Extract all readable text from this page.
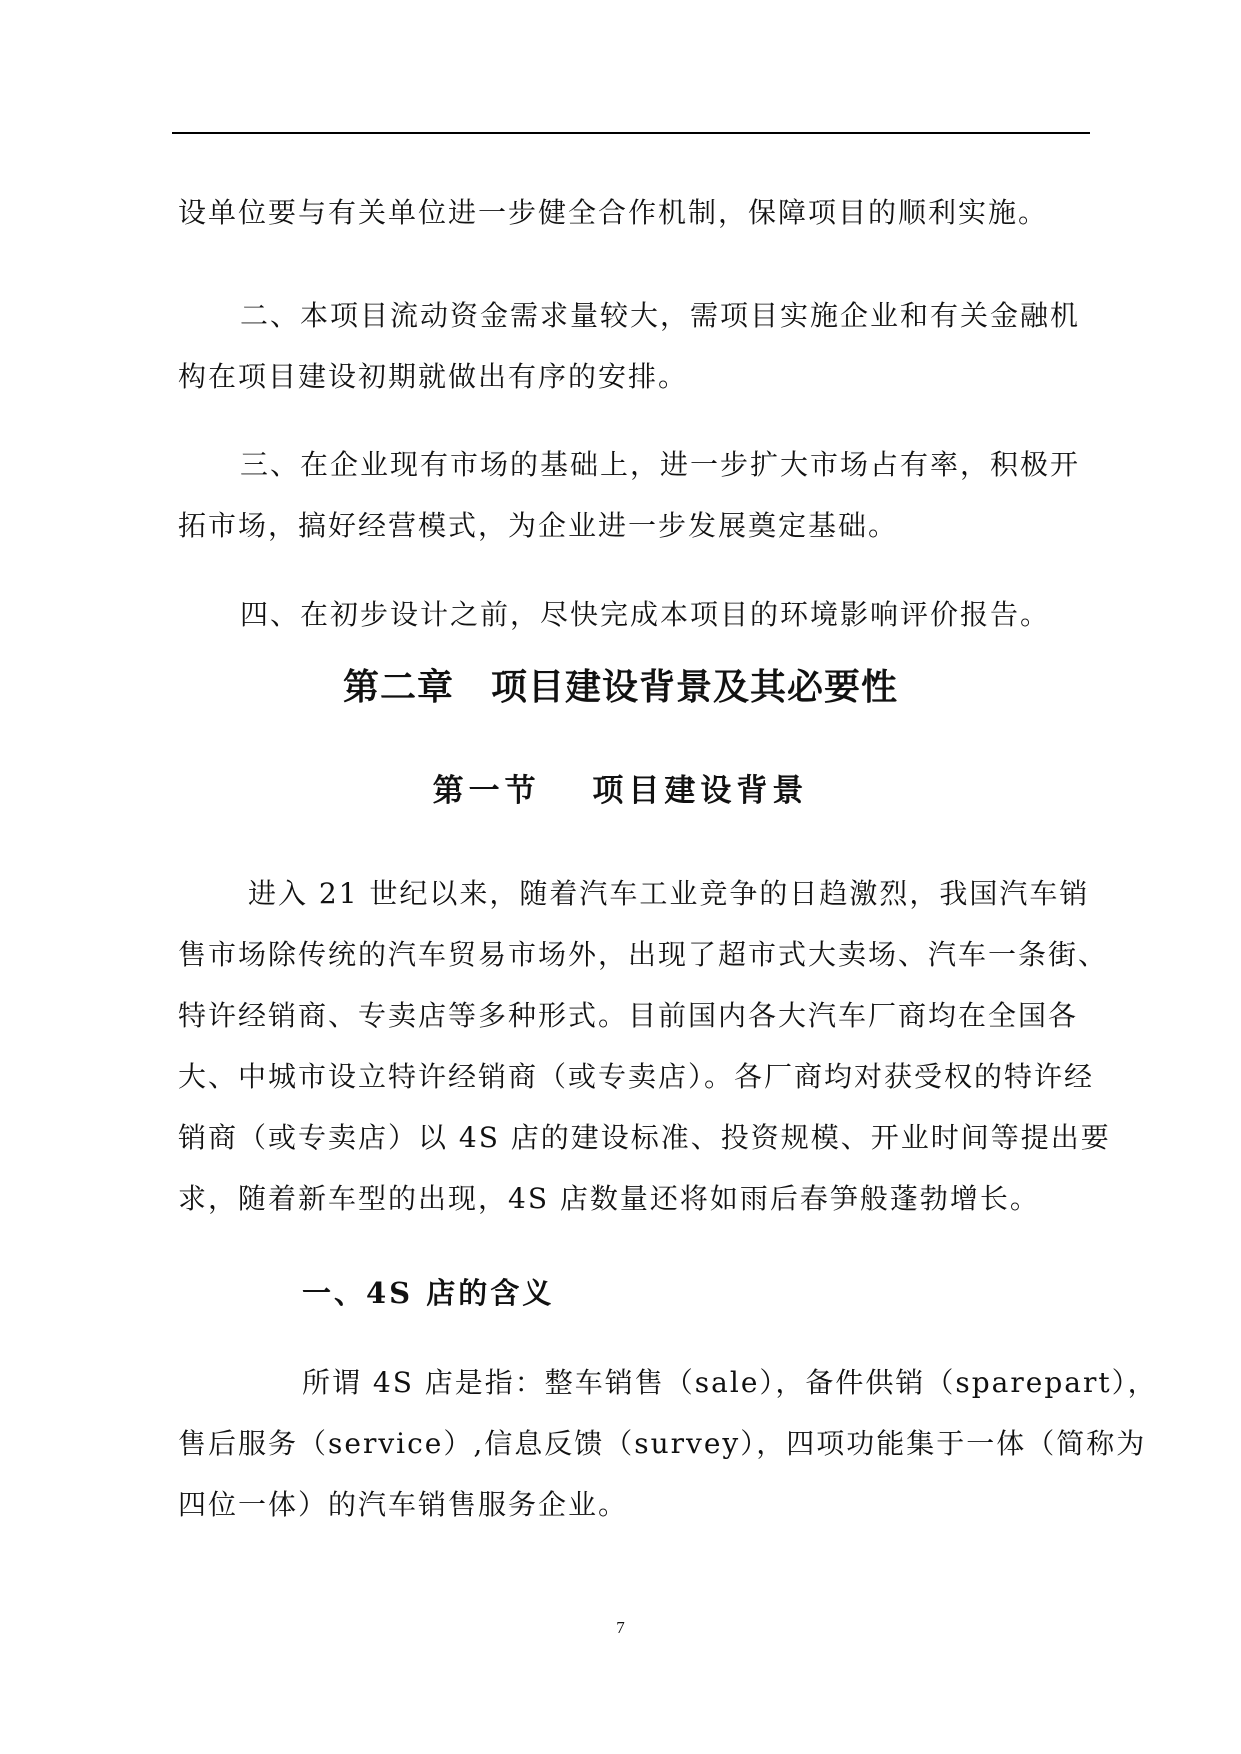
设单位要与有关单位进一步健全合作机制，保障项目的顺利实施。
二、本项目流动资金需求量较大，需项目实施企业和有关金融机
构在项目建设初期就做出有序的安排。
三、在企业现有市场的基础上，进一步扩大市场占有率，积极开
拓市场，搞好经营模式，为企业进一步发展奠定基础。
四、在初步设计之前，尽快完成本项目的环境影响评价报告。
第二章　项目建设背景及其必要性
第一节　 项目建设背景
进入 21 世纪以来，随着汽车工业竞争的日趋激烈，我国汽车销
售市场除传统的汽车贸易市场外，出现了超市式大卖场、汽车一条街、
特许经销商、专卖店等多种形式。目前国内各大汽车厂商均在全国各
大、中城市设立特许经销商（或专卖店）。各厂商均对获受权的特许经
销商（或专卖店）以 4S 店的建设标准、投资规模、开业时间等提出要
求，随着新车型的出现，4S 店数量还将如雨后春笋般蓬勃增长。
一、4S 店的含义
所谓 4S 店是指：整车销售（sale），备件供销（sparepart），
售后服务（service）,信息反馈（survey），四项功能集于一体（简称为
四位一体）的汽车销售服务企业。
7
